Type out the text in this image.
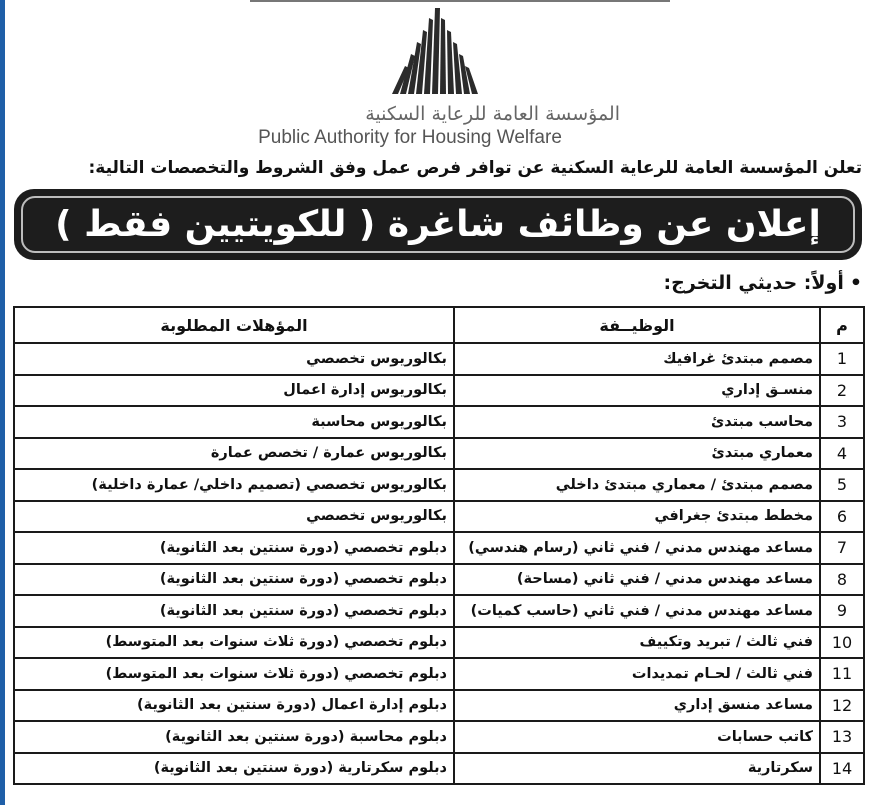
المؤسسة العامة للرعاية السكنية
Public Authority for Housing Welfare
تعلن المؤسسة العامة للرعاية السكنية عن توافر فرص عمل وفق الشروط والتخصصات التالية:
إعلان عن وظائف شاغرة ( للكويتيين فقط )
•أولاً: حديثي التخرج:
م	الوظيــفة	المؤهلات المطلوبة
1	مصمم مبتدئ غرافيك	بكالوريوس تخصصي
2	منسـق إداري	بكالوريوس إدارة اعمال
3	محاسب مبتدئ	بكالوريوس محاسبة
4	معماري مبتدئ	بكالوريوس عمارة / تخصص عمارة
5	مصمم مبتدئ / معماري مبتدئ داخلي	بكالوريوس تخصصي (تصميم داخلي/ عمارة داخلية)
6	مخطط مبتدئ جغرافي	بكالوريوس تخصصي
7	مساعد مهندس مدني / فني ثاني (رسام هندسي)	دبلوم تخصصي (دورة سنتين بعد الثانوية)
8	مساعد مهندس مدني / فني ثاني (مساحة)	دبلوم تخصصي (دورة سنتين بعد الثانوية)
9	مساعد مهندس مدني / فني ثاني (حاسب كميات)	دبلوم تخصصي (دورة سنتين بعد الثانوية)
10	فني ثالث / تبريد وتكييف	دبلوم تخصصي (دورة ثلاث سنوات بعد المتوسط)
11	فني ثالث / لحـام تمديدات	دبلوم تخصصي (دورة ثلاث سنوات بعد المتوسط)
12	مساعد منسق إداري	دبلوم إدارة اعمال (دورة سنتين بعد الثانوية)
13	كاتب حسابات	دبلوم محاسبة (دورة سنتين بعد الثانوية)
14	سكرتارية	دبلوم سكرتارية (دورة سنتين بعد الثانوية)
